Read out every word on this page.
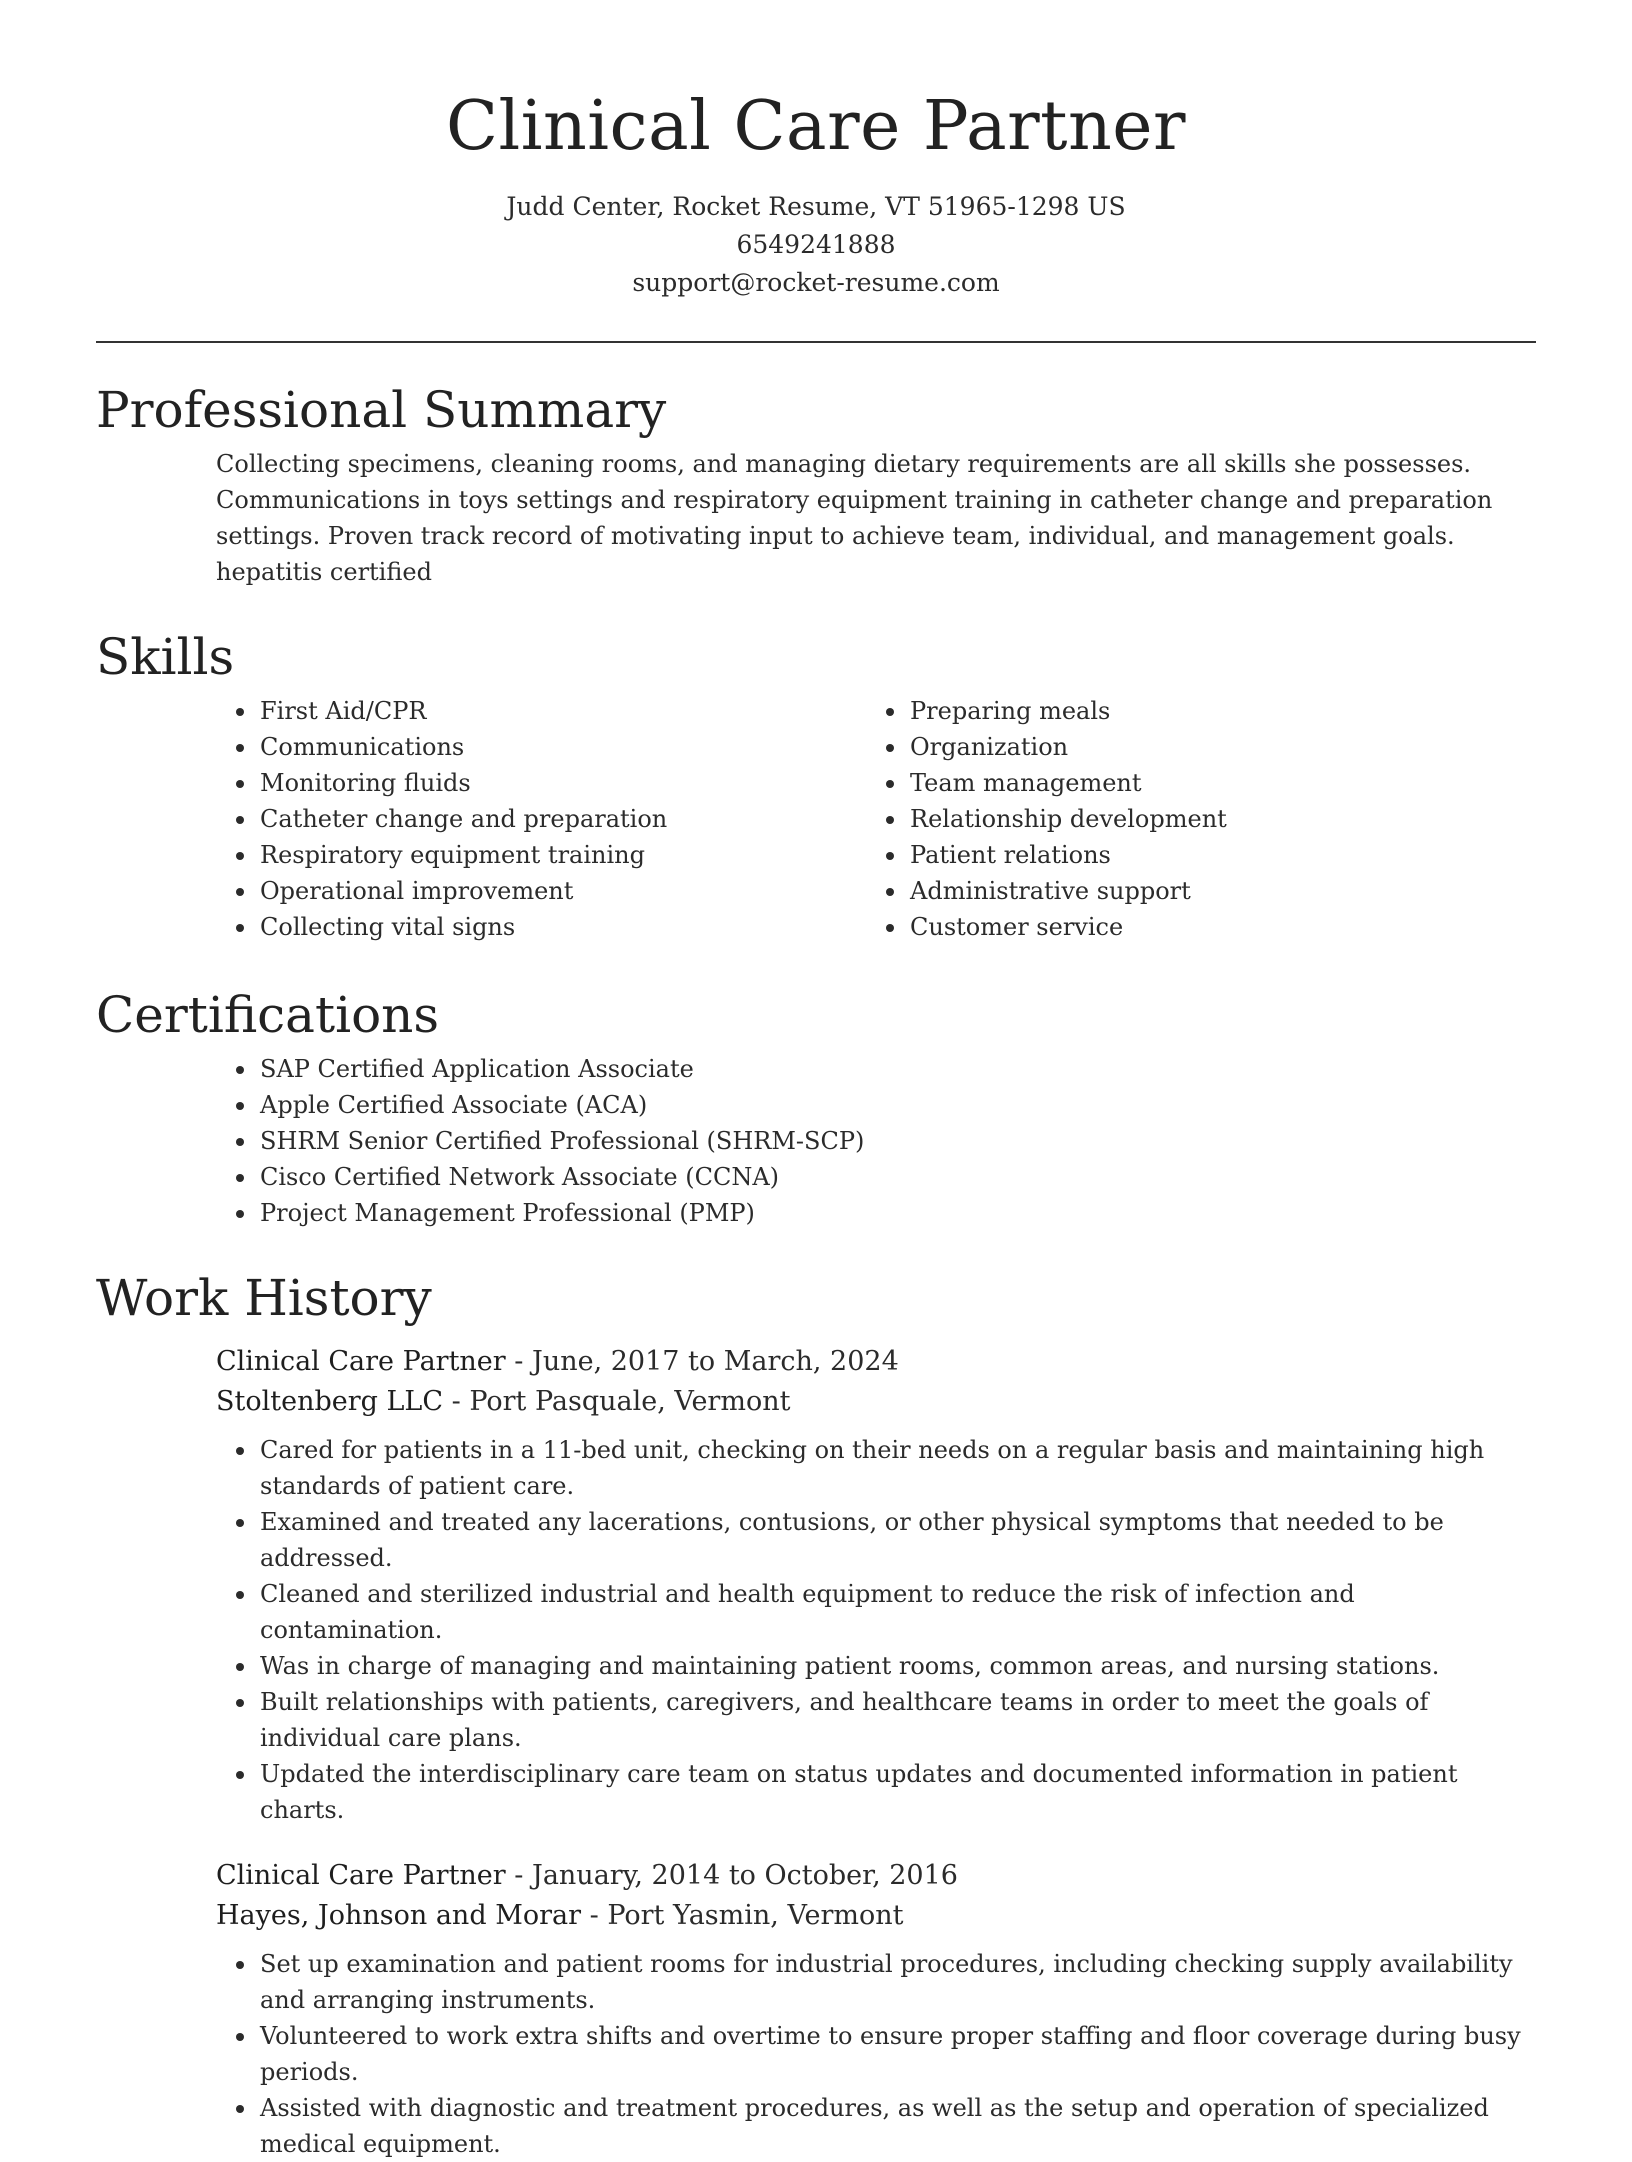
Clinical Care Partner
Judd Center, Rocket Resume, VT 51965-1298 US
6549241888
support@rocket-resume.com
Professional Summary
Collecting specimens, cleaning rooms, and managing dietary requirements are all skills she possesses. Communications in toys settings and respiratory equipment training in catheter change and preparation settings. Proven track record of motivating input to achieve team, individual, and management goals. hepatitis certified
Skills
First Aid/CPR
Communications
Monitoring fluids
Catheter change and preparation
Respiratory equipment training
Operational improvement
Collecting vital signs
Preparing meals
Organization
Team management
Relationship development
Patient relations
Administrative support
Customer service
Certifications
SAP Certified Application Associate
Apple Certified Associate (ACA)
SHRM Senior Certified Professional (SHRM-SCP)
Cisco Certified Network Associate (CCNA)
Project Management Professional (PMP)
Work History
Clinical Care Partner - June, 2017 to March, 2024
Stoltenberg LLC - Port Pasquale, Vermont
Cared for patients in a 11-bed unit, checking on their needs on a regular basis and maintaining high standards of patient care.
Examined and treated any lacerations, contusions, or other physical symptoms that needed to be addressed.
Cleaned and sterilized industrial and health equipment to reduce the risk of infection and contamination.
Was in charge of managing and maintaining patient rooms, common areas, and nursing stations.
Built relationships with patients, caregivers, and healthcare teams in order to meet the goals of individual care plans.
Updated the interdisciplinary care team on status updates and documented information in patient charts.
Clinical Care Partner - January, 2014 to October, 2016
Hayes, Johnson and Morar - Port Yasmin, Vermont
Set up examination and patient rooms for industrial procedures, including checking supply availability and arranging instruments.
Volunteered to work extra shifts and overtime to ensure proper staffing and floor coverage during busy periods.
Assisted with diagnostic and treatment procedures, as well as the setup and operation of specialized medical equipment.
